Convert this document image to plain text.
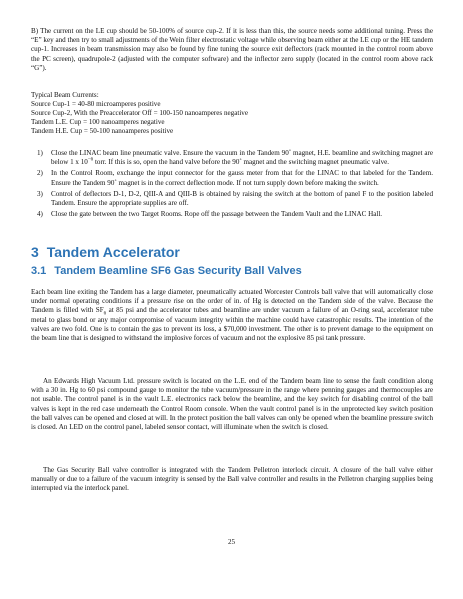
B) The current on the LE cup should be 50-100% of source cup-2. If it is less than this, the source needs some additional tuning. Press the “E” key and then try to small adjustments of the Wein filter electrostatic voltage while observing beam either at the LE cup or the HE tandem cup-1. Increases in beam transmission may also be found by fine tuning the source exit deflectors (rack mounted in the control room above the PC screen), quadrupole-2 (adjusted with the computer software) and the inflector zero supply (located in the control room above rack “G”).

Typical Beam Currents:

Source Cup-1 = 40-80 microamperes positive

Source Cup-2, With the Preaccelerator Off = 100-150 nanoamperes negative

Tandem L.E. Cup = 100 nanoamperes negative

Tandem H.E. Cup = 50-100 nanoamperes positive

1) Close the LINAC beam line pneumatic valve. Ensure the vacuum in the Tandem 90˚ magnet, H.E. beamline and switching magnet are below 1 x $10^{-6}$ torr. If this is so, open the hand valve before the 90˚ magnet and the switching magnet pneumatic valve.
2) In the Control Room, exchange the input connector for the gauss meter from that for the LINAC to that labeled for the Tandem. Ensure the Tandem 90˚ magnet is in the correct deflection mode. If not turn supply down before making the switch.
3) Control of deflectors D-1, D-2, QIII-A and QIII-B is obtained by raising the switch at the bottom of panel F to the position labeled Tandem. Ensure the appropriate supplies are off.
4) Close the gate between the two Target Rooms. Rope off the passage between the Tandem Vault and the LINAC Hall.
3 Tandem Accelerator
3.1 Tandem Beamline SF6 Gas Security Ball Valves

Each beam line exiting the Tandem has a large diameter, pneumatically actuated Worcester Controls ball valve that will automatically close under normal operating conditions if a pressure rise on the order of in. of Hg is detected on the Tandem side of the valve. Because the Tandem is filled with $SF_6$ at 85 psi and the accelerator tubes and beamline are under vacuum a failure of an O-ring seal, accelerator tube metal to glass bond or any major compromise of vacuum integrity within the machine could have catastrophic results. The intention of the valves are two fold. One is to contain the gas to prevent its loss, a $70,000 investment. The other is to prevent damage to the equipment on the beam line that is designed to withstand the implosive forces of vacuum and not the explosive 85 psi tank pressure.

An Edwards High Vacuum Ltd. pressure switch is located on the L.E. end of the Tandem beam line to sense the fault condition along with a 30 in. Hg to 60 psi compound gauge to monitor the tube vacuum/pressure in the range where penning gauges and thermocouples are not usable. The control panel is in the vault L.E. electronics rack below the beamline, and the key switch for disabling control of the ball valves is kept in the red case underneath the Control Room console. When the vault control panel is in the unprotected key switch position the ball valves can be opened and closed at will. In the protect position the ball valves can only be opened when the beamline pressure switch is closed. An LED on the control panel, labeled sensor contact, will illuminate when the switch is closed.

The Gas Security Ball valve controller is integrated with the Tandem Pelletron interlock circuit. A closure of the ball valve either manually or due to a failure of the vacuum integrity is sensed by the Ball valve controller and results in the Pelletron charging supplies being interrupted via the interlock panel.

25
